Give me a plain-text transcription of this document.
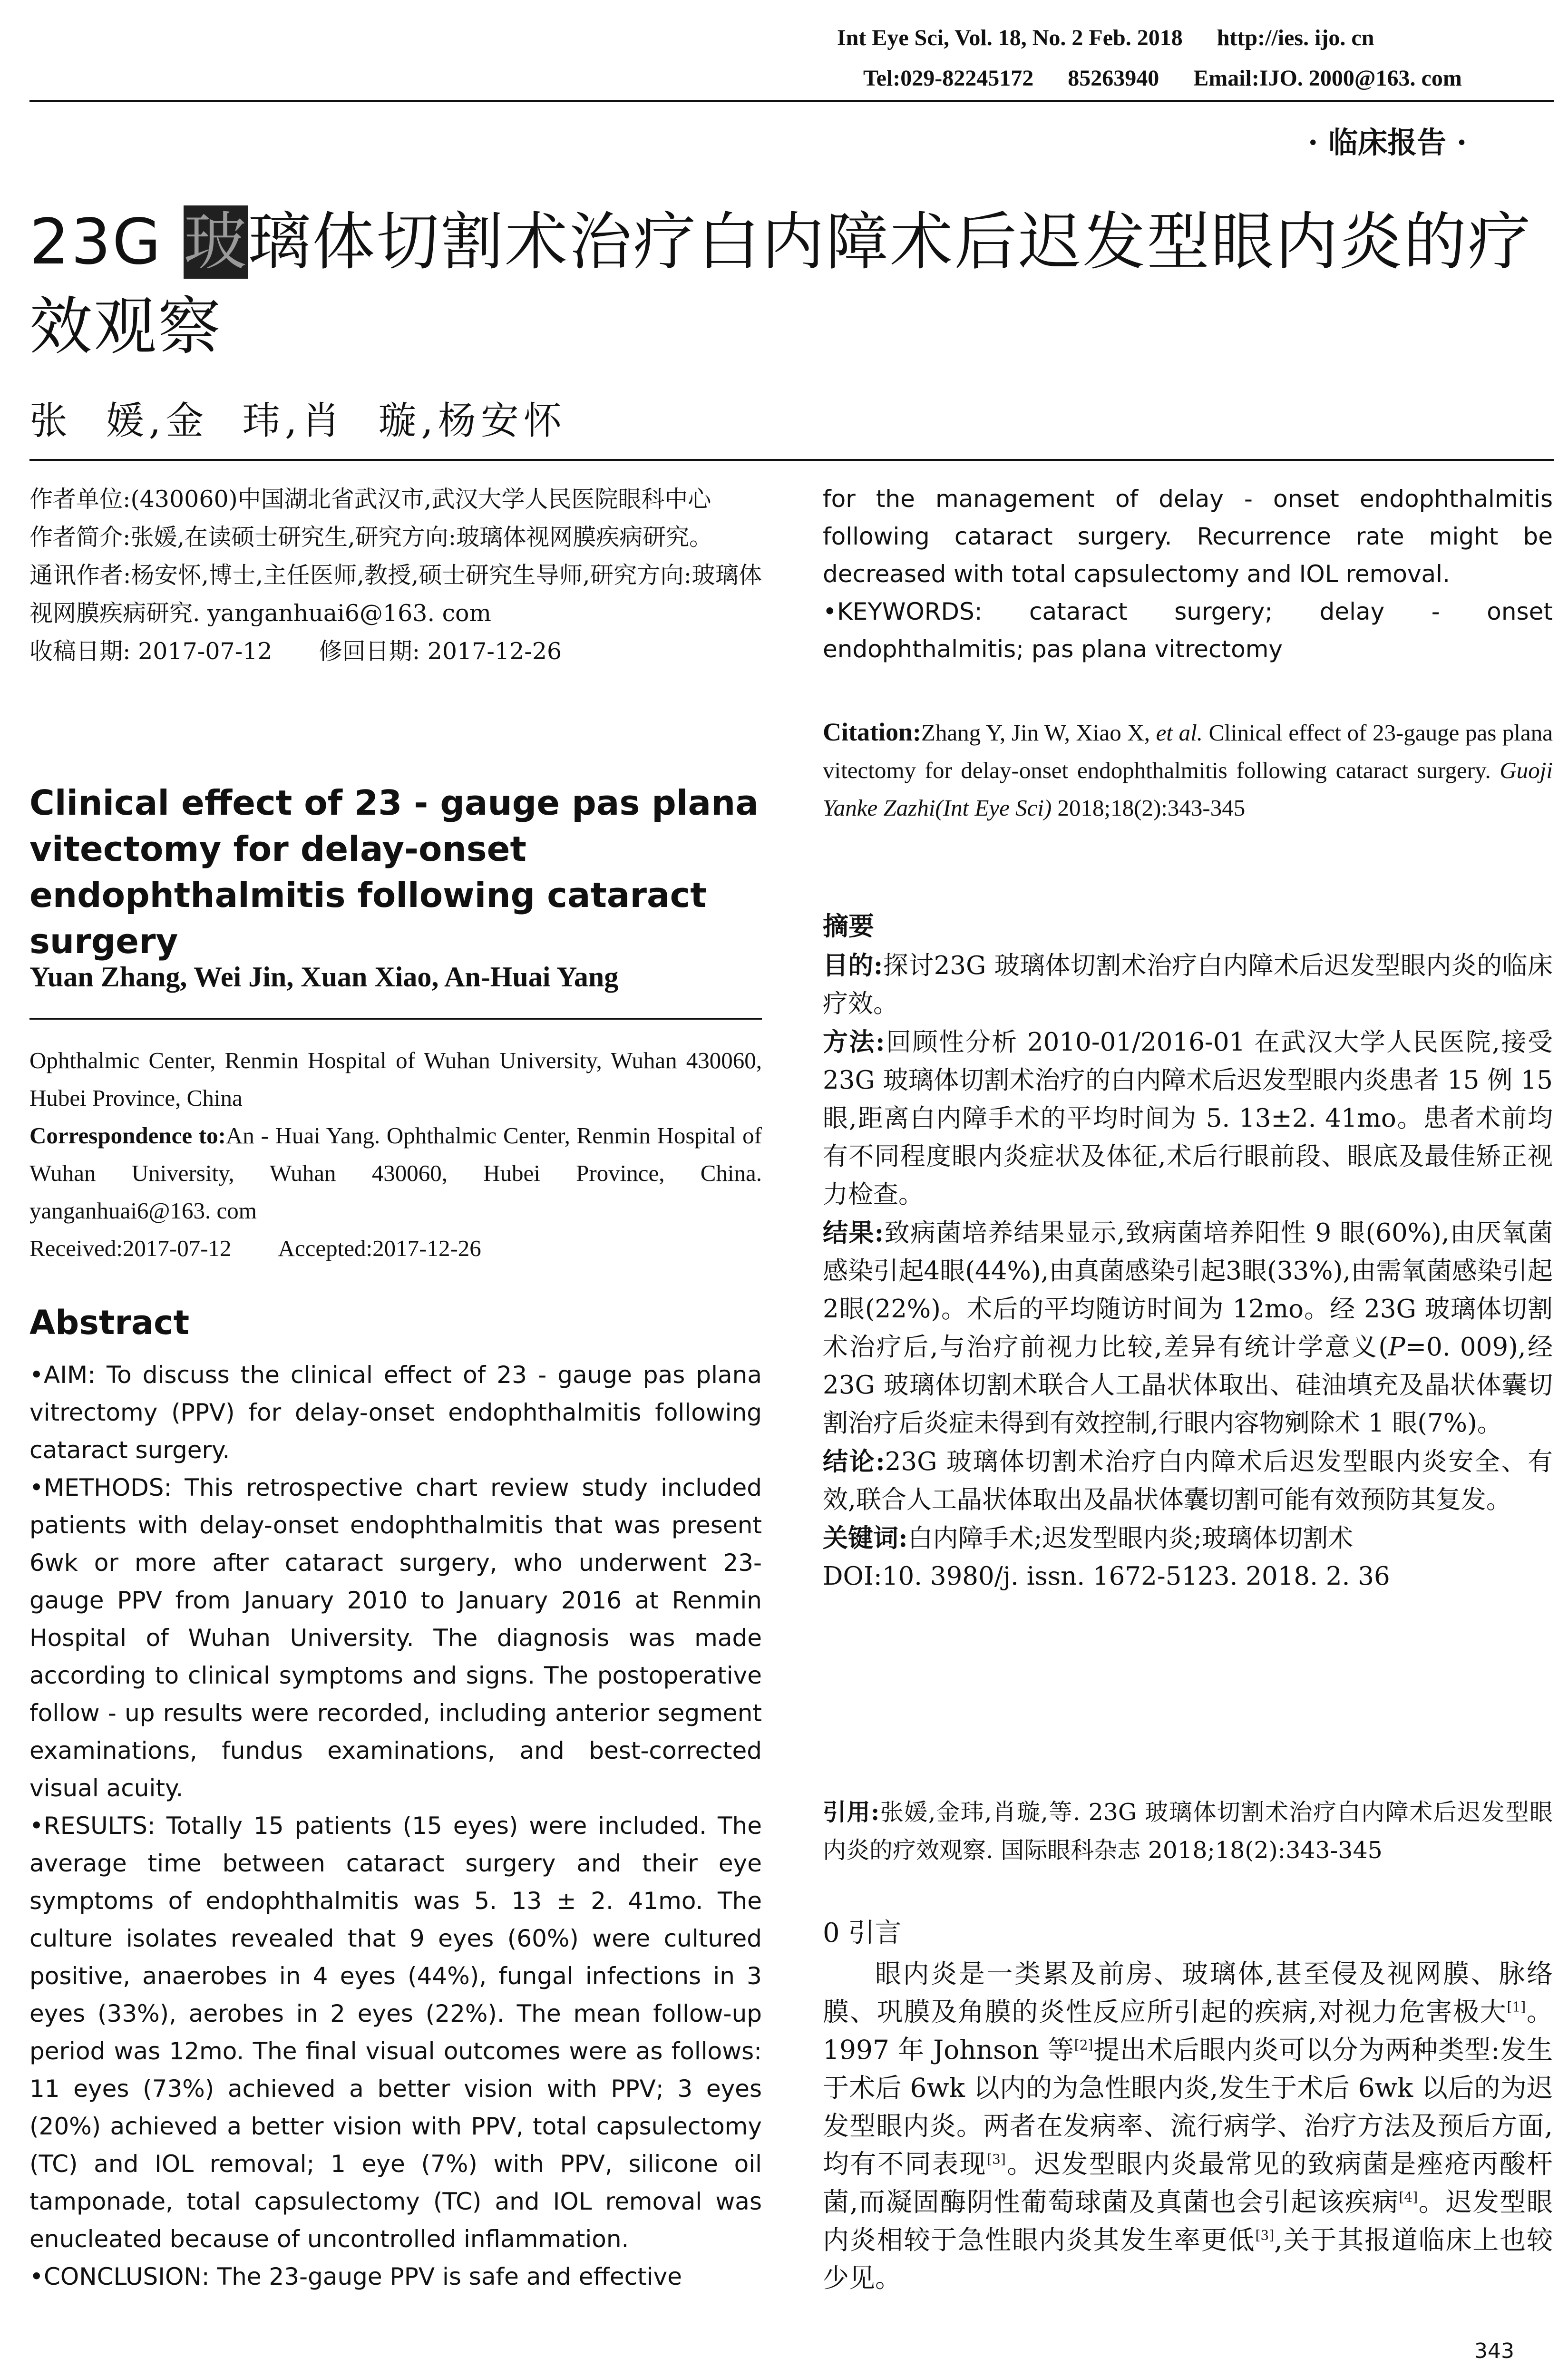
Int Eye Sci, Vol. 18, No. 2 Feb. 2018 http://ies. ijo. cn
Tel:029-82245172 85263940 Email:IJO. 2000@163. com
· 临床报告 ·
23G 玻璃体切割术治疗白内障术后迟发型眼内炎的疗效观察
张  媛,金  玮,肖  璇,杨安怀

作者单位:(430060)中国湖北省武汉市,武汉大学人民医院眼科中心

作者简介:张媛,在读硕士研究生,研究方向:玻璃体视网膜疾病研究。

通讯作者:杨安怀,博士,主任医师,教授,硕士研究生导师,研究方向:玻璃体视网膜疾病研究. yanganhuai6@163. com

收稿日期: 2017-07-12　　修回日期: 2017-12-26

Clinical effect of 23 - gauge pas plana vitectomy for delay-onset endophthalmitis following cataract surgery
Yuan Zhang, Wei Jin, Xuan Xiao, An-Huai Yang

Ophthalmic Center, Renmin Hospital of Wuhan University, Wuhan 430060, Hubei Province, China

Correspondence to:An - Huai Yang. Ophthalmic Center, Renmin Hospital of Wuhan University, Wuhan 430060, Hubei Province, China. yanganhuai6@163. com

Received:2017-07-12　　Accepted:2017-12-26

Abstract

•AIM: To discuss the clinical effect of 23 - gauge pas plana vitrectomy (PPV) for delay-onset endophthalmitis following cataract surgery.

•METHODS: This retrospective chart review study included patients with delay-onset endophthalmitis that was present 6wk or more after cataract surgery, who underwent 23-gauge PPV from January 2010 to January 2016 at Renmin Hospital of Wuhan University. The diagnosis was made according to clinical symptoms and signs. The postoperative follow - up results were recorded, including anterior segment examinations, fundus examinations, and best-corrected visual acuity.

•RESULTS: Totally 15 patients (15 eyes) were included. The average time between cataract surgery and their eye symptoms of endophthalmitis was 5. 13 ± 2. 41mo. The culture isolates revealed that 9 eyes (60%) were cultured positive, anaerobes in 4 eyes (44%), fungal infections in 3 eyes (33%), aerobes in 2 eyes (22%). The mean follow-up period was 12mo. The final visual outcomes were as follows: 11 eyes (73%) achieved a better vision with PPV; 3 eyes (20%) achieved a better vision with PPV, total capsulectomy (TC) and IOL removal; 1 eye (7%) with PPV, silicone oil tamponade, total capsulectomy (TC) and IOL removal was enucleated because of uncontrolled inflammation.

•CONCLUSION: The 23-gauge PPV is safe and effective

for the management of delay - onset endophthalmitis following cataract surgery. Recurrence rate might be decreased with total capsulectomy and IOL removal.

•KEYWORDS: cataract surgery; delay - onset endophthalmitis; pas plana vitrectomy

Citation:Zhang Y, Jin W, Xiao X, et al. Clinical effect of 23-gauge pas plana vitectomy for delay-onset endophthalmitis following cataract surgery. Guoji Yanke Zazhi(Int Eye Sci) 2018;18(2):343-345
摘要

目的:探讨23G 玻璃体切割术治疗白内障术后迟发型眼内炎的临床疗效。

方法:回顾性分析 2010-01/2016-01 在武汉大学人民医院,接受23G 玻璃体切割术治疗的白内障术后迟发型眼内炎患者 15 例 15 眼,距离白内障手术的平均时间为 5. 13±2. 41mo。患者术前均有不同程度眼内炎症状及体征,术后行眼前段、眼底及最佳矫正视力检查。

结果:致病菌培养结果显示,致病菌培养阳性 9 眼(60%),由厌氧菌感染引起4眼(44%),由真菌感染引起3眼(33%),由需氧菌感染引起2眼(22%)。术后的平均随访时间为 12mo。经 23G 玻璃体切割术治疗后,与治疗前视力比较,差异有统计学意义(P=0. 009),经 23G 玻璃体切割术联合人工晶状体取出、硅油填充及晶状体囊切割治疗后炎症未得到有效控制,行眼内容物剜除术 1 眼(7%)。

结论:23G 玻璃体切割术治疗白内障术后迟发型眼内炎安全、有效,联合人工晶状体取出及晶状体囊切割可能有效预防其复发。

关键词:白内障手术;迟发型眼内炎;玻璃体切割术

DOI:10. 3980/j. issn. 1672-5123. 2018. 2. 36

引用:张媛,金玮,肖璇,等. 23G 玻璃体切割术治疗白内障术后迟发型眼内炎的疗效观察. 国际眼科杂志 2018;18(2):343-345
0 引言
眼内炎是一类累及前房、玻璃体,甚至侵及视网膜、脉络膜、巩膜及角膜的炎性反应所引起的疾病,对视力危害极大[1]。1997 年 Johnson 等[2]提出术后眼内炎可以分为两种类型:发生于术后 6wk 以内的为急性眼内炎,发生于术后 6wk 以后的为迟发型眼内炎。两者在发病率、流行病学、治疗方法及预后方面,均有不同表现[3]。迟发型眼内炎最常见的致病菌是痤疮丙酸杆菌,而凝固酶阴性葡萄球菌及真菌也会引起该疾病[4]。迟发型眼内炎相较于急性眼内炎其发生率更低[3],关于其报道临床上也较少见。
343
